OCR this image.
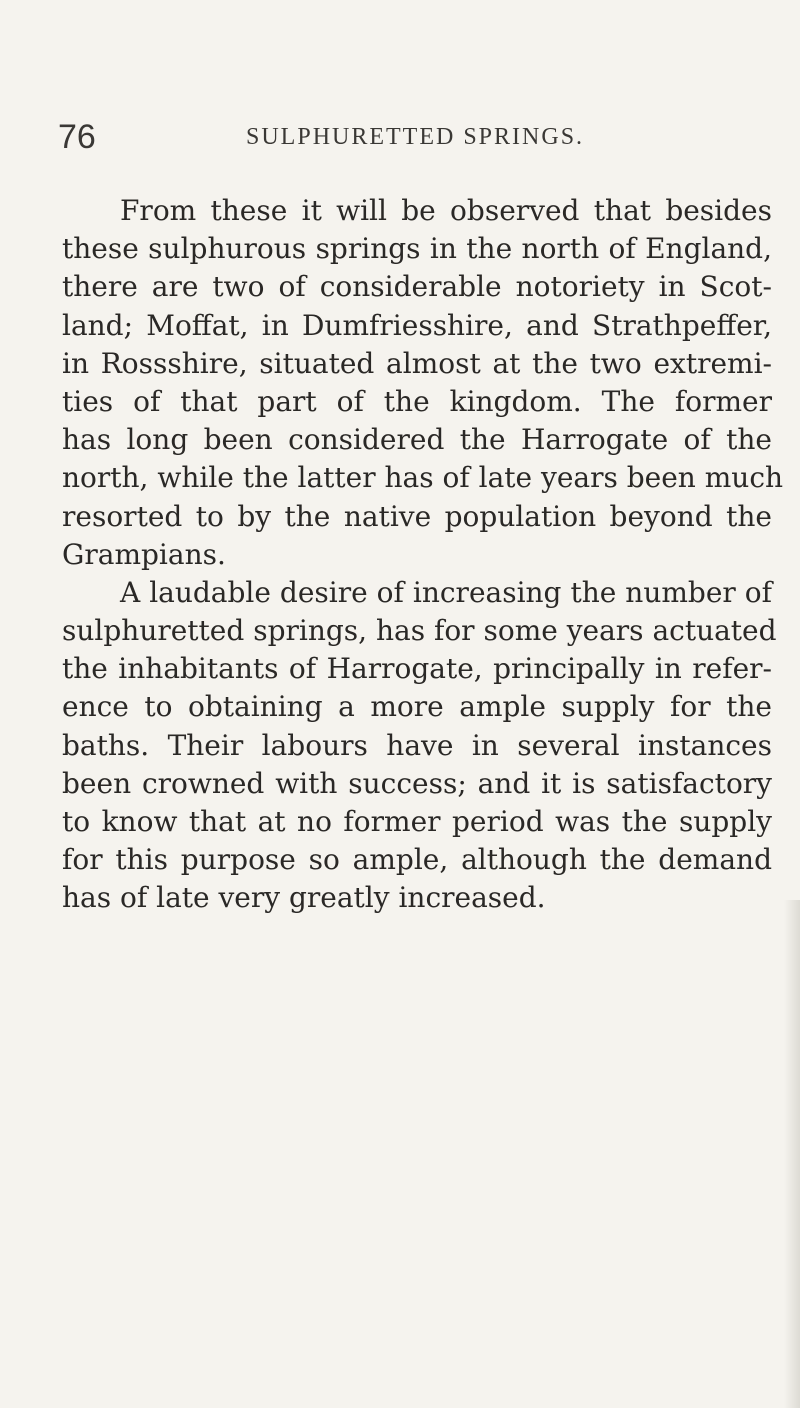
76	SULPHURETTED SPRINGS.
From these it will be observed that besides
these sulphurous springs in the north of England,
there are two of considerable notoriety in Scot-
land; Moffat, in Dumfriesshire, and Strathpeffer,
in Rossshire, situated almost at the two extremi-
ties of that part of the kingdom. The former
has long been considered the Harrogate of the
north, while the latter has of late years been much
resorted to by the native population beyond the
Grampians.
A laudable desire of increasing the number of
sulphuretted springs, has for some years actuated
the inhabitants of Harrogate, principally in refer-
ence to obtaining a more ample supply for the
baths. Their labours have in several instances
been crowned with success; and it is satisfactory
to know that at no former period was the supply
for this purpose so ample, although the demand
has of late very greatly increased.
